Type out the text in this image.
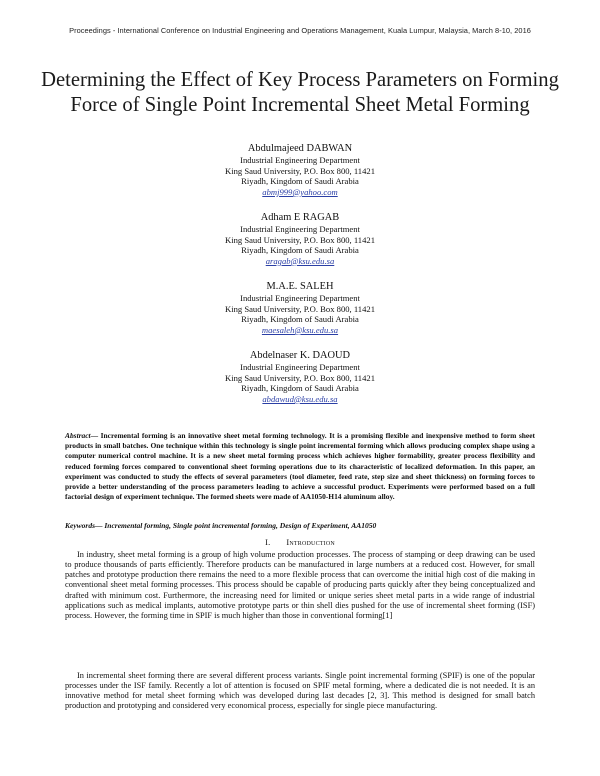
Proceedings - International Conference on Industrial Engineering and Operations Management, Kuala Lumpur, Malaysia, March 8-10, 2016
Determining the Effect of Key Process Parameters on Forming
Force of Single Point Incremental Sheet Metal Forming
Abdulmajeed DABWAN
Industrial Engineering Department
King Saud University, P.O. Box 800, 11421
Riyadh, Kingdom of Saudi Arabia
abmj999@yahoo.com
Adham E RAGAB
Industrial Engineering Department
King Saud University, P.O. Box 800, 11421
Riyadh, Kingdom of Saudi Arabia
aragab@ksu.edu.sa
M.A.E. SALEH
Industrial Engineering Department
King Saud University, P.O. Box 800, 11421
Riyadh, Kingdom of Saudi Arabia
maesaleh@ksu.edu.sa
Abdelnaser K. DAOUD
Industrial Engineering Department
King Saud University, P.O. Box 800, 11421
Riyadh, Kingdom of Saudi Arabia
abdawud@ksu.edu.sa
Abstract— Incremental forming is an innovative sheet metal forming technology. It is a promising flexible and inexpensive method to form sheet products in small batches. One technique within this technology is single point incremental forming which allows producing complex shape using a computer numerical control machine. It is a new sheet metal forming process which achieves higher formability, greater process flexibility and reduced forming forces compared to conventional sheet forming operations due to its characteristic of localized deformation. In this paper, an experiment was conducted to study the effects of several parameters (tool diameter, feed rate, step size and sheet thickness) on forming forces to provide a better understanding of the process parameters leading to achieve a successful product. Experiments were performed based on a full factorial design of experiment technique. The formed sheets were made of AA1050-H14 aluminum alloy.
Keywords— Incremental forming, Single point incremental forming, Design of Experiment, AA1050
I. Introduction

In industry, sheet metal forming is a group of high volume production processes. The process of stamping or deep drawing can be used to produce thousands of parts efficiently. Therefore products can be manufactured in large numbers at a reduced cost. However, for small patches and prototype production there remains the need to a more flexible process that can overcome the initial high cost of die making in conventional sheet metal forming processes. This process should be capable of producing parts quickly after they being conceptualized and drafted with minimum cost. Furthermore, the increasing need for limited or unique series sheet metal parts in a wide range of industrial applications such as medical implants, automotive prototype parts or thin shell dies pushed for the use of incremental sheet forming (ISF) process. However, the forming time in SPIF is much higher than those in conventional forming[1]

In incremental sheet forming there are several different process variants. Single point incremental forming (SPIF) is one of the popular processes under the ISF family. Recently a lot of attention is focused on SPIF metal forming, where a dedicated die is not needed. It is an innovative method for metal sheet forming which was developed during last decades [2, 3]. This method is designed for small batch production and prototyping and considered very economical process, especially for single piece manufacturing.
